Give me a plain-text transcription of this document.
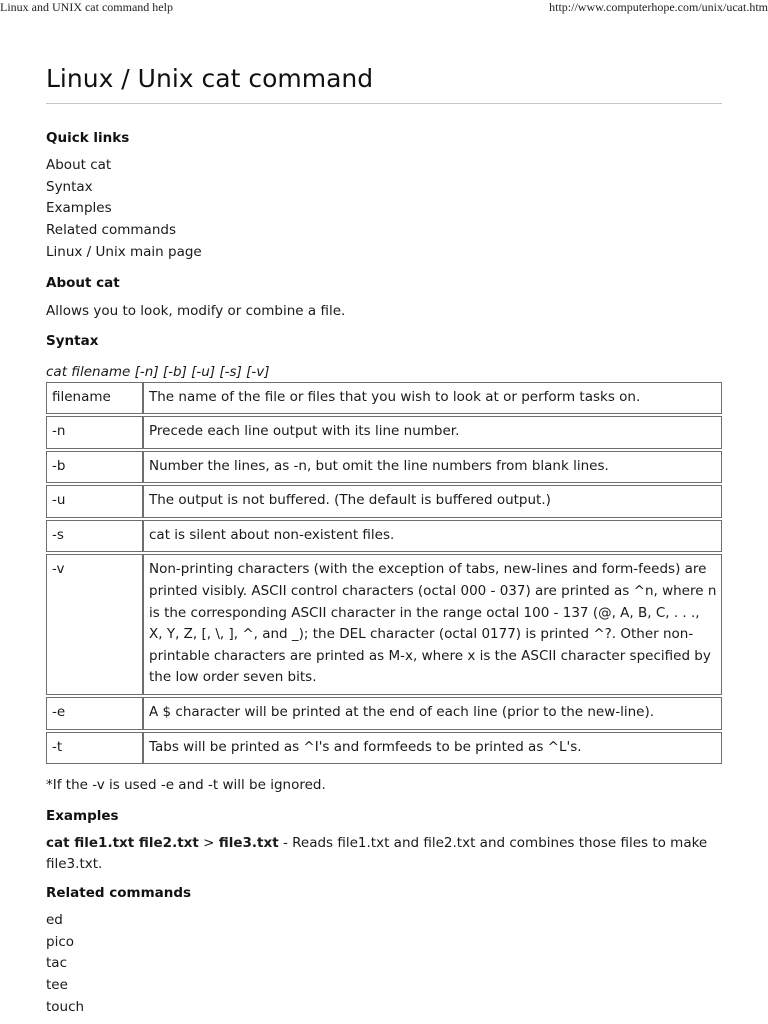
Linux and UNIX cat command help	http://www.computerhope.com/unix/ucat.htm
Linux / Unix cat command
Quick links
About cat
Syntax
Examples
Related commands
Linux / Unix main page
About cat

Allows you to look, modify or combine a file.

Syntax
cat filename [-n] [-b] [-u] [-s] [-v]
filename	The name of the file or files that you wish to look at or perform tasks on.
-n	Precede each line output with its line number.
-b	Number the lines, as -n, but omit the line numbers from blank lines.
-u	The output is not buffered. (The default is buffered output.)
-s	cat is silent about non-existent files.
-v	Non-printing characters (with the exception of tabs, new-lines and form-feeds) are printed visibly. ASCII control characters (octal 000 - 037) are printed as ^n, where n is the corresponding ASCII character in the range octal 100 - 137 (@, A, B, C, . . ., X, Y, Z, [, \, ], ^, and _); the DEL character (octal 0177) is printed ^?. Other non-printable characters are printed as M-x, where x is the ASCII character specified by the low order seven bits.
-e	A $ character will be printed at the end of each line (prior to the new-line).
-t	Tabs will be printed as ^I's and formfeeds to be printed as ^L's.

*If the -v is used -e and -t will be ignored.

Examples

cat file1.txt file2.txt > file3.txt - Reads file1.txt and file2.txt and combines those files to make file3.txt.

Related commands
ed
pico
tac
tee
touch
